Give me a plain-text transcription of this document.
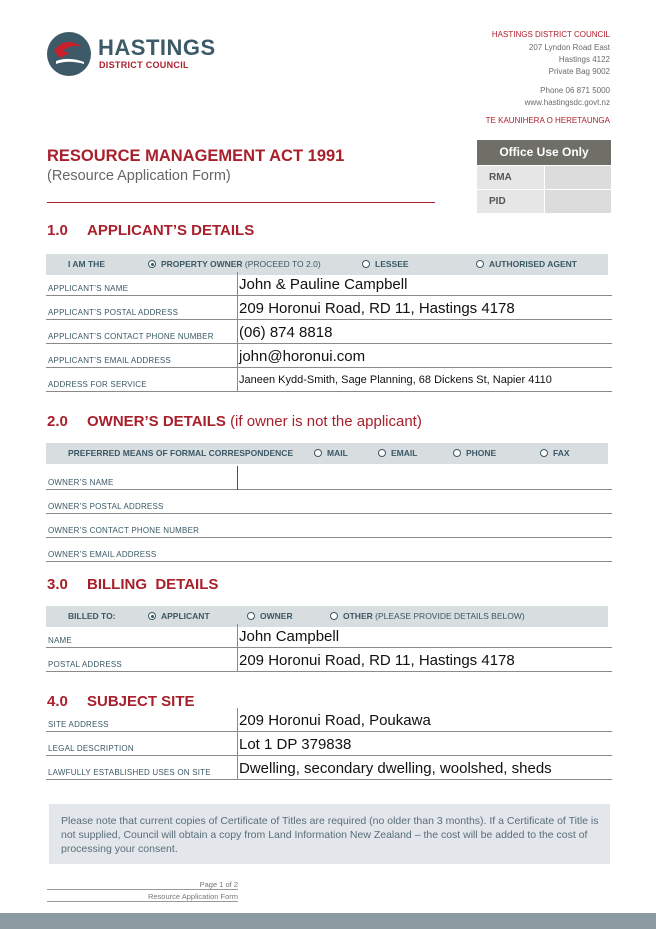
HASTINGS
DISTRICT COUNCIL
HASTINGS DISTRICT COUNCIL
207 Lyndon Road East
Hastings 4122
Private Bag 9002
Phone 06 871 5000
www.hastingsdc.govt.nz
TE KAUNIHERA O HERETAUNGA
RESOURCE MANAGEMENT ACT 1991
(Resource Application Form)
Office Use Only
RMA
PID
1.0 APPLICANT’S DETAILS
I AM THE	PROPERTY OWNER (PROCEED TO 2.0)	LESSEE	AUTHORISED AGENT
APPLICANT’S NAME	John & Pauline Campbell
APPLICANT’S POSTAL ADDRESS	209 Horonui Road, RD 11, Hastings 4178
APPLICANT’S CONTACT PHONE NUMBER (06) 874 8818
APPLICANT’S EMAIL ADDRESS	john@horonui.com
ADDRESS FOR SERVICE	Janeen Kydd-Smith, Sage Planning, 68 Dickens St, Napier 4110
2.0 OWNER’S DETAILS (if owner is not the applicant)
PREFERRED MEANS OF FORMAL CORRESPONDENCE	MAIL	EMAIL	PHONE	FAX
OWNER’S NAME
OWNER’S POSTAL ADDRESS
OWNER’S CONTACT PHONE NUMBER
OWNER’S EMAIL ADDRESS
3.0 BILLING  DETAILS
BILLED TO:	APPLICANT	OWNER	OTHER (PLEASE PROVIDE DETAILS BELOW)
NAME	John Campbell
POSTAL ADDRESS	209 Horonui Road, RD 11, Hastings 4178
4.0 SUBJECT SITE
SITE ADDRESS	209 Horonui Road, Poukawa
LEGAL DESCRIPTION	Lot 1 DP 379838
LAWFULLY ESTABLISHED USES ON SITE Dwelling, secondary dwelling, woolshed, sheds
Please note that current copies of Certificate of Titles are required (no older than 3 months). If a Certificate of Title is not supplied, Council will obtain a copy from Land Information New Zealand – the cost will be added to the cost of processing your consent.
Page 1 of 2
Resource Application Form
